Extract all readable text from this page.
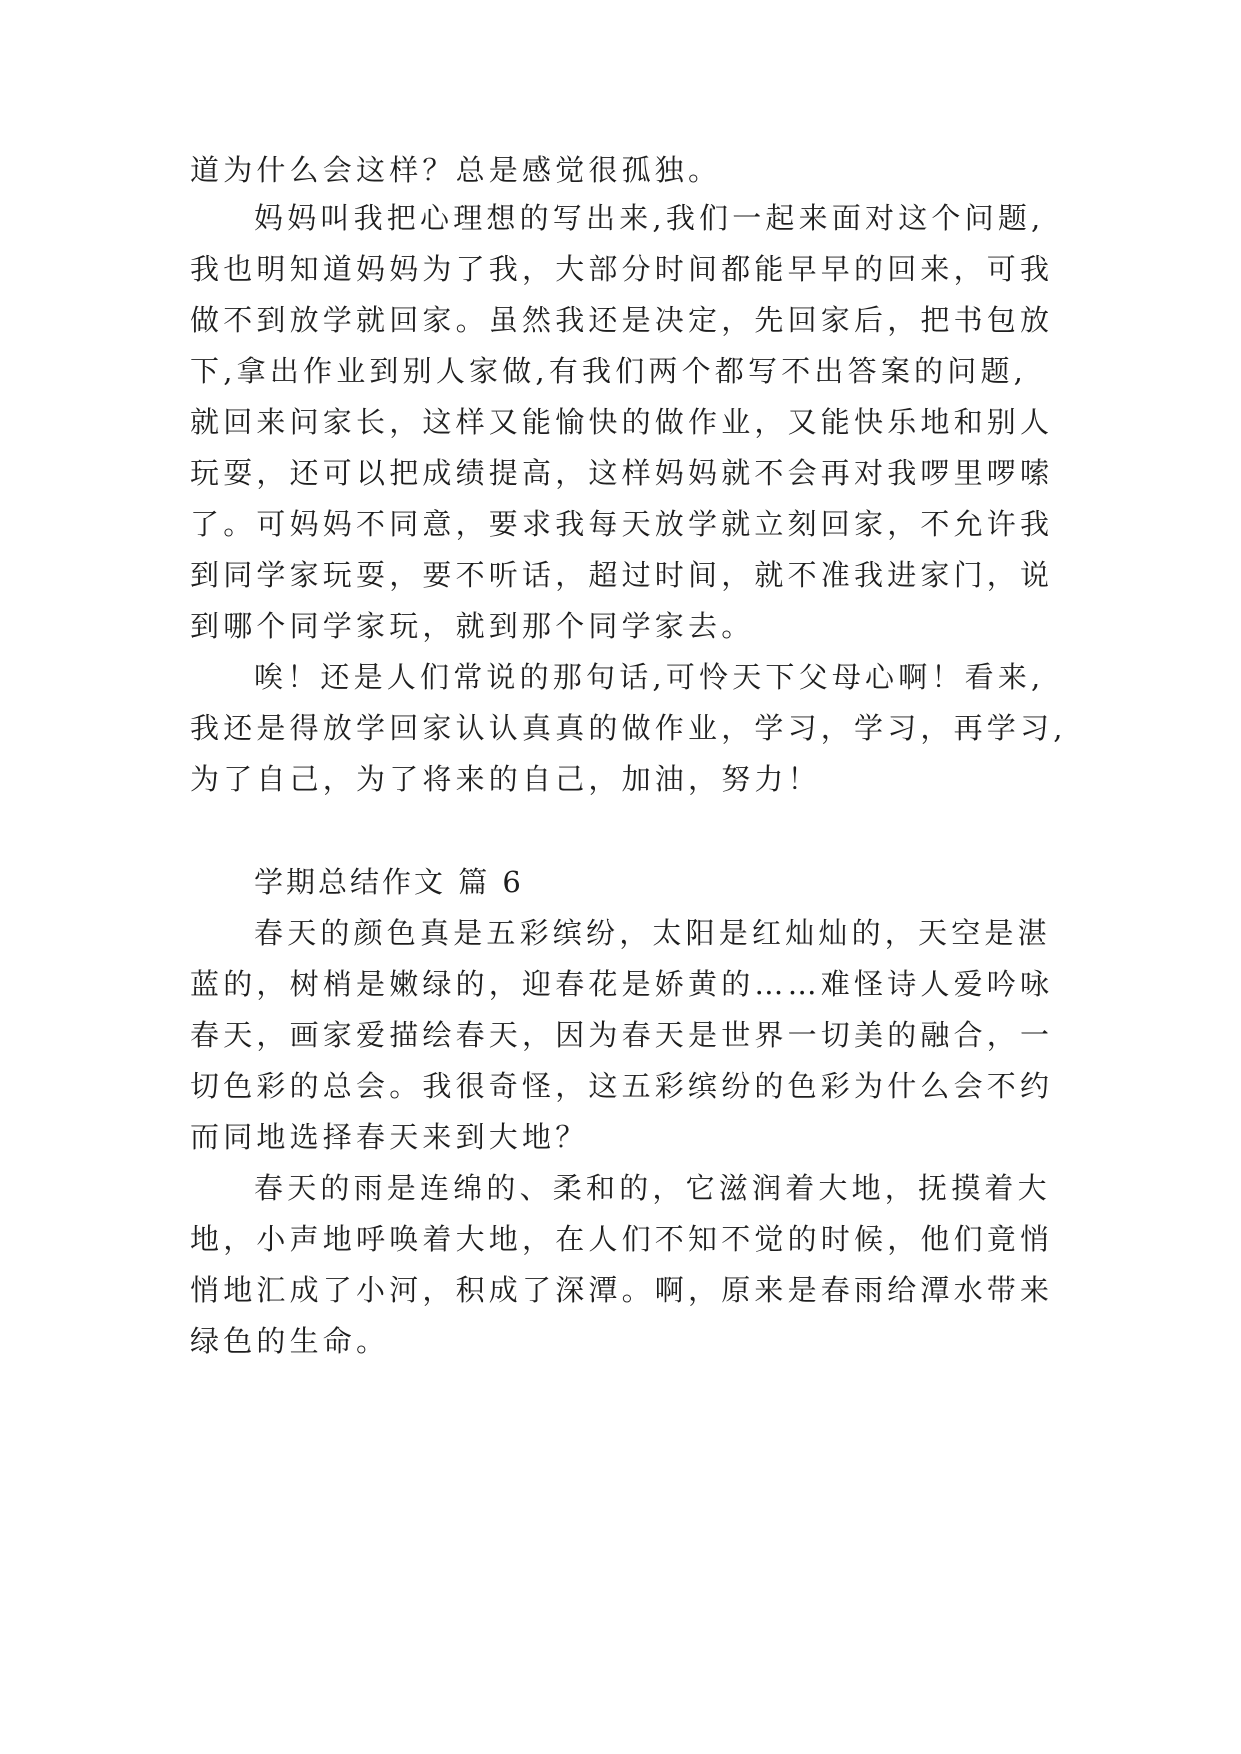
道为什么会这样？总是感觉很孤独。
妈妈叫我把心理想的写出来,我们一起来面对这个问题,
我也明知道妈妈为了我，大部分时间都能早早的回来，可我
做不到放学就回家。虽然我还是决定，先回家后，把书包放
下,拿出作业到别人家做,有我们两个都写不出答案的问题,
就回来问家长，这样又能愉快的做作业，又能快乐地和别人
玩耍，还可以把成绩提高，这样妈妈就不会再对我啰里啰嗦
了。可妈妈不同意，要求我每天放学就立刻回家，不允许我
到同学家玩耍，要不听话，超过时间，就不准我进家门，说
到哪个同学家玩，就到那个同学家去。
唉！还是人们常说的那句话,可怜天下父母心啊！看来,
我还是得放学回家认认真真的做作业，学习，学习，再学习,
为了自己，为了将来的自己，加油，努力！
学期总结作文 篇 6
春天的颜色真是五彩缤纷，太阳是红灿灿的，天空是湛
蓝的，树梢是嫩绿的，迎春花是娇黄的……难怪诗人爱吟咏
春天，画家爱描绘春天，因为春天是世界一切美的融合，一
切色彩的总会。我很奇怪，这五彩缤纷的色彩为什么会不约
而同地选择春天来到大地？
春天的雨是连绵的、柔和的，它滋润着大地，抚摸着大
地，小声地呼唤着大地，在人们不知不觉的时候，他们竟悄
悄地汇成了小河，积成了深潭。啊，原来是春雨给潭水带来
绿色的生命。
